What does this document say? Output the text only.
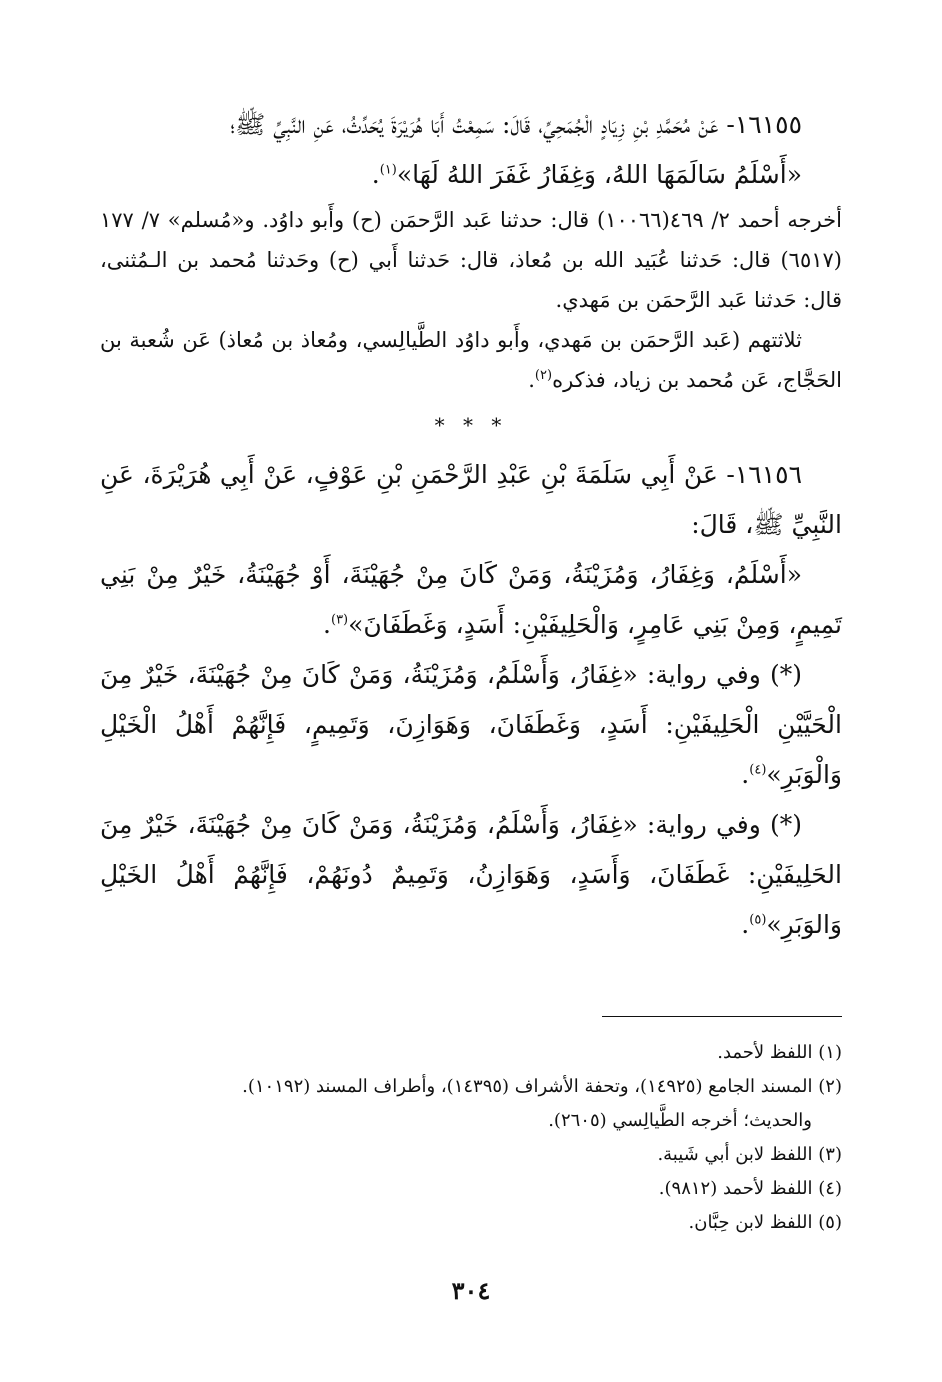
١٦١٥٥- عَنْ مُحَمَّدِ بْنِ زِيَادٍ الْجُمَحِيِّ، قَالَ: سَمِعْتُ أَبَا هُرَيْرَةَ يُحَدِّثُ، عَنِ النَّبِيِّ ﷺ؛

«أَسْلَمُ سَالَمَهَا اللهُ، وَغِفَارُ غَفَرَ اللهُ لَهَا»$^{(١)}$.

أخرجه أحمد ٢/ ٤٦٩(١٠٠٦٦) قال: حدثنا عَبد الرَّحمَن (ح) وأَبو داوُد. و«مُسلم» ٧/ ١٧٧ (٦٥١٧) قال: حَدثنا عُبَيد الله بن مُعاذ، قال: حَدثنا أَبي (ح) وحَدثنا مُحمد بن الـمُثنى، قال: حَدثنا عَبد الرَّحمَن بن مَهدي.

ثلاثتهم (عَبد الرَّحمَن بن مَهدي، وأَبو داوُد الطَّيالِسي، ومُعاذ بن مُعاذ) عَن شُعبة بن الحَجَّاج، عَن مُحمد بن زياد، فذكره$^{(٢)}$.

* * *

١٦١٥٦- عَنْ أَبِي سَلَمَةَ بْنِ عَبْدِ الرَّحْمَنِ بْنِ عَوْفٍ، عَنْ أَبِي هُرَيْرَةَ، عَنِ النَّبِيِّ ﷺ، قَالَ:

«أَسْلَمُ، وَغِفَارُ، وَمُزَيْنَةُ، وَمَنْ كَانَ مِنْ جُهَيْنَةَ، أَوْ جُهَيْنَةُ، خَيْرٌ مِنْ بَنِي تَمِيمٍ، وَمِنْ بَنِي عَامِرٍ، وَالْحَلِيفَيْنِ: أَسَدٍ، وَغَطَفَانَ»$^{(٣)}$.

(*) وفي رواية: «غِفَارُ، وَأَسْلَمُ، وَمُزَيْنَةُ، وَمَنْ كَانَ مِنْ جُهَيْنَةَ، خَيْرٌ مِنَ الْحَيَّيْنِ الْحَلِيفَيْنِ: أَسَدٍ، وَغَطَفَانَ، وَهَوَازِنَ، وَتَمِيمٍ، فَإِنَّهُمْ أَهْلُ الْخَيْلِ وَالْوَبَرِ»$^{(٤)}$.

(*) وفي رواية: «غِفَارُ، وَأَسْلَمُ، وَمُزَيْنَةُ، وَمَنْ كَانَ مِنْ جُهَيْنَةَ، خَيْرٌ مِنَ الحَلِيفَيْنِ: غَطَفَانَ، وَأَسَدٍ، وَهَوَازِنُ، وَتَمِيمٌ دُونَهُمْ، فَإِنَّهُمْ أَهْلُ الخَيْلِ وَالوَبَرِ»$^{(٥)}$.

(١) اللفظ لأحمد.

(٢) المسند الجامع (١٤٩٢٥)، وتحفة الأشراف (١٤٣٩٥)، وأطراف المسند (١٠١٩٢).

والحديث؛ أخرجه الطَّيالِسي (٢٦٠٥).

(٣) اللفظ لابن أبي شَيبة.

(٤) اللفظ لأحمد (٩٨١٢).

(٥) اللفظ لابن حِبَّان.

٣٠٤
